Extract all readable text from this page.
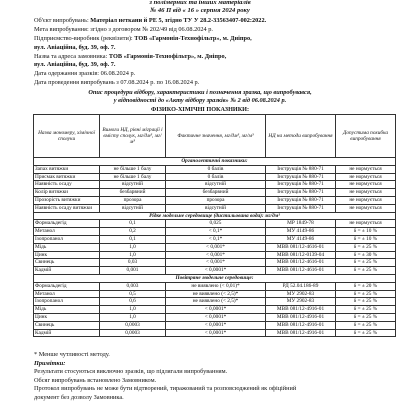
з полімерних та інших матеріалів
№ 46 П від « 16 » серпня 2024 року
Об'єкт випробувань: Матеріал неткани й РЕ 5, згідно ТУ У 28.2-33563407-002:2022.
Мета випробування: згідно з договором № 202/49 від 06.08.2024 р.
Підприємство-виробник (реквізити): ТОВ «Гармонія-Технофільтр», м. Дніпро,
вул. Авіаційна, буд. 39, оф. 7.
Назва та адреса замовника: ТОВ «Гармонія-Технофільтр», м. Дніпро,
вул. Авіаційна, буд. 39, оф. 7.
Дата одержання зразків: 06.08.2024 р.
Дата проведення випробувань з 07.08.2024 р. по 16.08.2024 р.
Опис процедури відбору, характеристики і позначення зразка, що випробувався,
у відповідності до «Акту відбору зразків» № 2 від 06.08.2024 р.
ФІЗИКО-ХІМІЧНІ ПОКАЗНИКИ:
Назва мономеру, хімічної сполуки	Вимоги НД, рівні міграції і вмісту сполук, мг/дм³, мг/м³	Фактичне значення, мг/дм³, мг/м³	НД на методи випробування	Допустима похибка випробування
Органолептичні показники:				
Запах витяжки	не більше 1 балу	0 балів	Інструкція № 880-71	не нормується
Присмак витяжки	не більше 1 балу	0 балів	Інструкція № 880-71	не нормується
Наявність осаду	відсутній	відсутній	Інструкція № 880-71	не нормується
Колір витяжки	безбарвний	безбарвний	Інструкція № 880-71	не нормується
Прозорість витяжки	прозора	прозора	Інструкція № 880-71	не нормується
Наявність осаду витяжки	відсутній	відсутній	Інструкція № 880-71	не нормується
Рідке модельне середовище (дистильована вода): мг/дм³				
Формальдегід	0,1	0,025	МР 1849-78	не нормується
Метанол	0,2	< 0,1*	МУ 4149-86	δ = ± 10 %
Ізопропанол	0,1	< 0,1*	МУ 4149-86	δ = ± 10 %
Мідь	1,0	< 0,001*	МВВ 081/12-4616-01	δ = ± 25 %
Цинк	1,0	< 0,001*	МВВ 081/12-0139-04	δ = ± 30 %
Свинець	0,03	< 0,001*	МВВ 081/12-4616-01	δ = ± 25 %
Кадмій	0,001	< 0,0001*	МВВ 081/12-4616-01	δ = ± 25 %
Повітряне модельне середовище:				
Формальдегід	0,003	не виявлено (< 0,01)*	РД 52.04.186-89	δ = ± 20 %
Метанол	0,5	не виявлено (< 2,5)*	МУ 2902-83	δ = ± 25 %
Ізопропанол	0,6	не виявлено (< 2,5)*	МУ 2902-83	δ = ± 25 %
Мідь	1,0	< 0,0001*	МВВ 081/12-4916-01	δ = ± 25 %
Цинк	1,0	< 0,0001*	МВВ 081/12-4916-01	δ = ± 25 %
Свинець	0,0003	< 0,0001*	МВВ 081/12-4916-01	δ = ± 25 %
Кадмій	0,0003	< 0,0001*	МВВ 081/12-4916-01	δ = ± 25 %
* Менше чутливості методу.
Примітки:
Результати стосуються виключно зразків, що підлягали випробуванням.
Обсяг випробувань встановлено Замовником.
Протокол випробувань не може бути відтворений, тиражований та розповсюджений як офіційний
документ без дозволу Замовника.
